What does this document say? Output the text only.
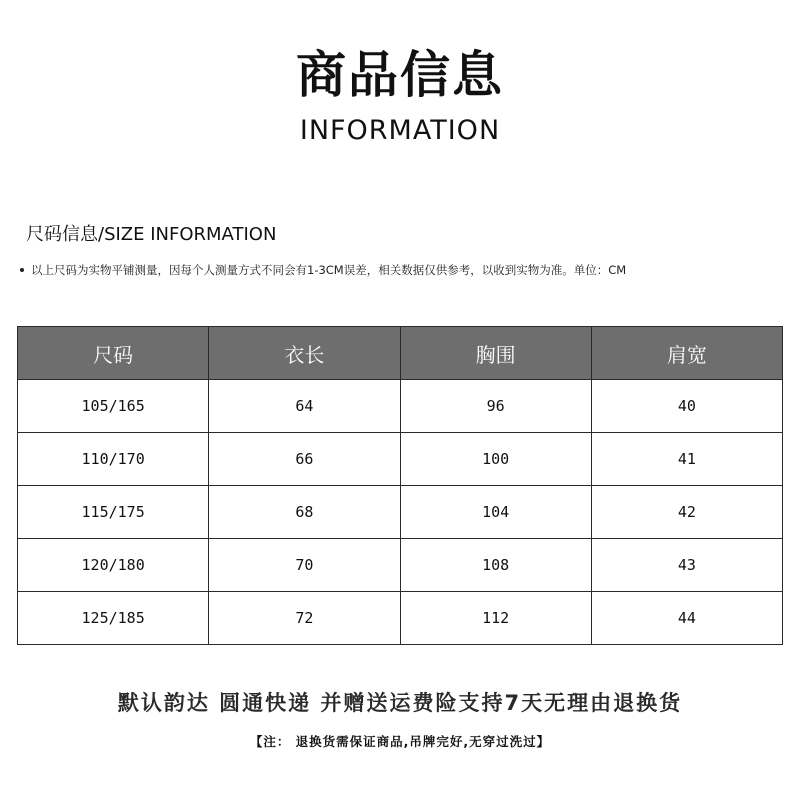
商品信息
INFORMATION
尺码信息/SIZE INFORMATION
以上尺码为实物平铺测量，因每个人测量方式不同会有1-3CM误差，相关数据仅供参考，以收到实物为准。单位：CM
尺码	衣长	胸围	肩宽
105/165	64	96	40
110/170	66	100	41
115/175	68	104	42
120/180	70	108	43
125/185	72	112	44
默认韵达 圆通快递 并赠送运费险支持7天无理由退换货
【注： 退换货需保证商品,吊牌完好,无穿过洗过】
